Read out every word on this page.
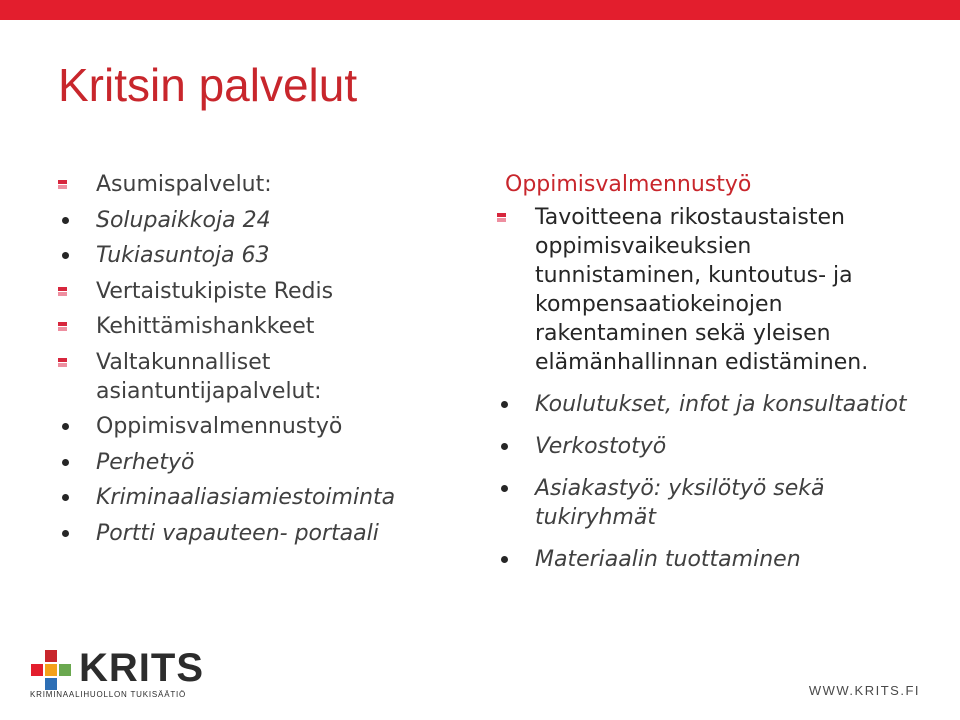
Kritsin palvelut
Asumispalvelut:
Solupaikkoja 24
Tukiasuntoja 63
Vertaistukipiste Redis
Kehittämishankkeet
Valtakunnalliset asiantuntijapalvelut:
Oppimisvalmennustyö
Perhetyö
Kriminaaliasiamiestoiminta
Portti vapauteen- portaali
Oppimisvalmennustyö
Tavoitteena rikostaustaisten oppimisvaikeuksien tunnistaminen, kuntoutus- ja kompensaatiokeinojen rakentaminen sekä yleisen elämänhallinnan edistäminen.
Koulutukset, infot ja konsultaatiot
Verkostotyö
Asiakastyö: yksilötyö sekä tukiryhmät
Materiaalin tuottaminen
KRITS
KRIMINAALIHUOLLON TUKISÄÄTIÖ	WWW.KRITS.FI
